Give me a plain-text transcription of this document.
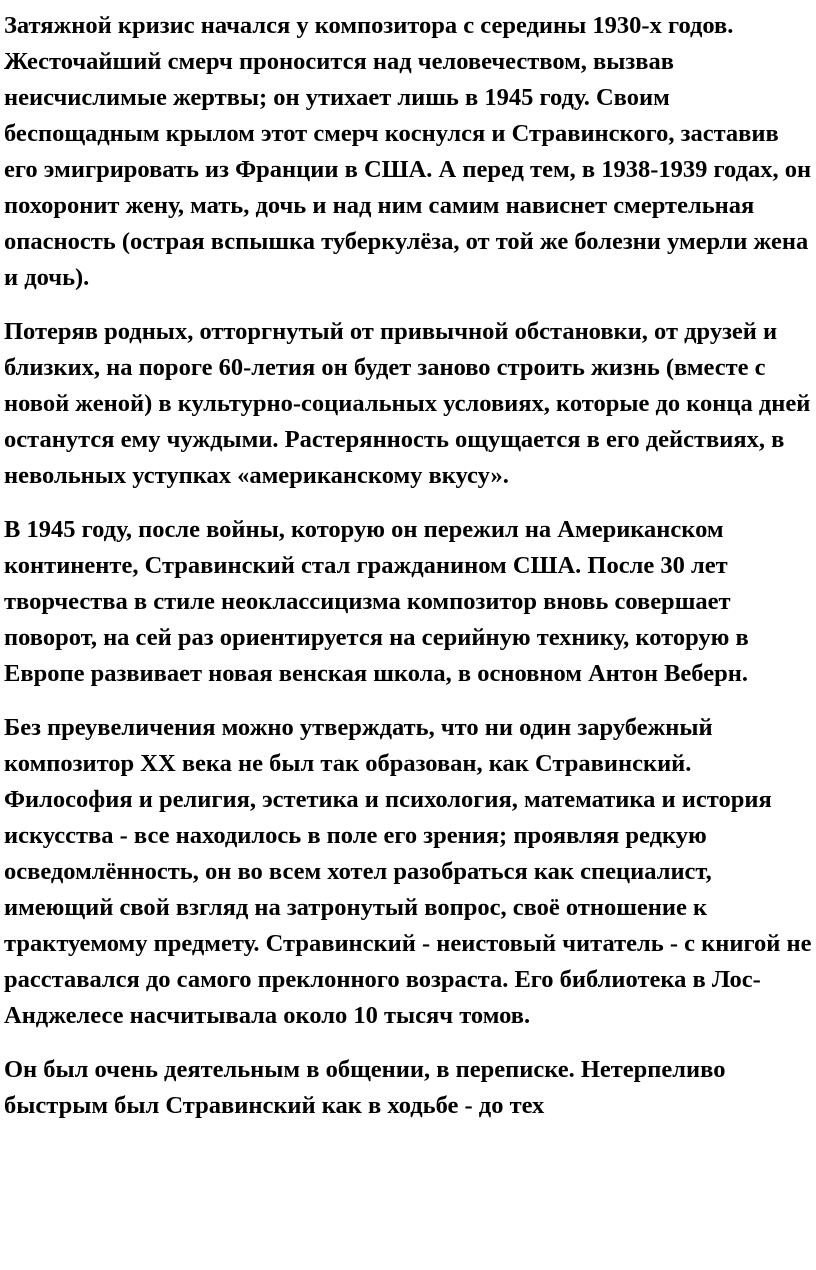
Затяжной кризис начался у композитора с середины 1930-х годов. Жесточайший смерч проносится над человечеством, вызвав неисчислимые жертвы; он утихает лишь в 1945 году. Своим беспощадным крылом этот смерч коснулся и Стравинского, заставив его эмигрировать из Франции в США. А перед тем, в 1938-1939 годах, он похоронит жену, мать, дочь и над ним самим нависнет смертельная опасность (острая вспышка туберкулёза, от той же болезни умерли жена и дочь).

Потеряв родных, отторгнутый от привычной обстановки, от друзей и близких, на пороге 60-летия он будет заново строить жизнь (вместе с новой женой) в культурно-социальных условиях, которые до конца дней останутся ему чуждыми. Растерянность ощущается в его действиях, в невольных уступках «американскому вкусу».

В 1945 году, после войны, которую он пережил на Американском континенте, Стравинский стал гражданином США. После 30 лет творчества в стиле неоклассицизма композитор вновь совершает поворот, на сей раз ориентируется на серийную технику, которую в Европе развивает новая венская школа, в основном Антон Веберн.

Без преувеличения можно утверждать, что ни один зарубежный композитор XX века не был так образован, как Стравинский. Философия и религия, эстетика и психология, математика и история искусства - все находилось в поле его зрения; проявляя редкую осведомлённость, он во всем хотел разобраться как специалист, имеющий свой взгляд на затронутый вопрос, своё отношение к трактуемому предмету. Стравинский - неистовый читатель - с книгой не расставался до самого преклонного возраста. Его библиотека в Лос-Анджелесе насчитывала около 10 тысяч томов.

Он был очень деятельным в общении, в переписке. Нетерпеливо быстрым был Стравинский как в ходьбе - до тех
